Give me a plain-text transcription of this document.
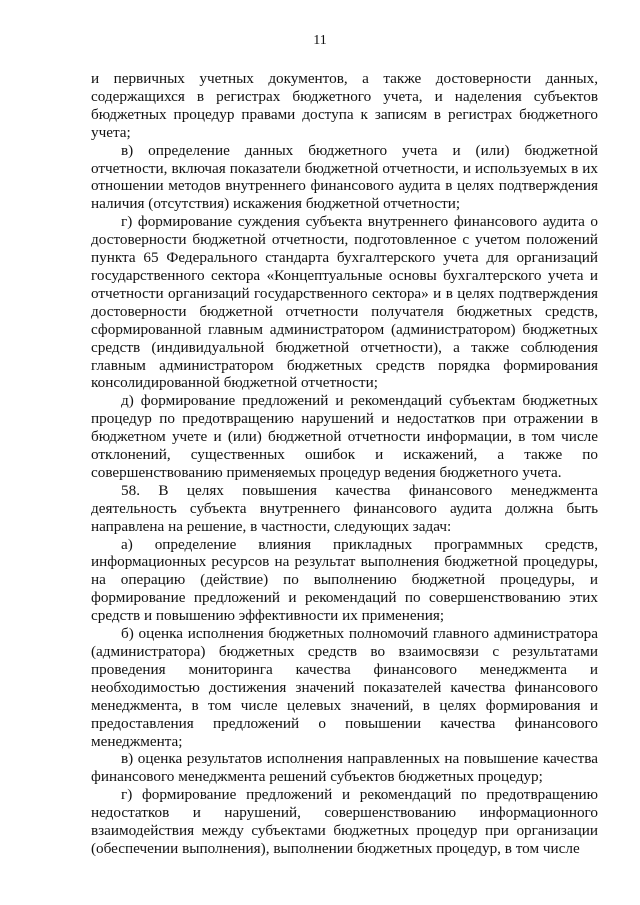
11

и первичных учетных документов, а также достоверности данных, содержащихся в регистрах бюджетного учета, и наделения субъектов бюджетных процедур правами доступа к записям в регистрах бюджетного учета;

в) определение данных бюджетного учета и (или) бюджетной отчетности, включая показатели бюджетной отчетности, и используемых в их отношении методов внутреннего финансового аудита в целях подтверждения наличия (отсутствия) искажения бюджетной отчетности;

г) формирование суждения субъекта внутреннего финансового аудита о достоверности бюджетной отчетности, подготовленное с учетом положений пункта 65 Федерального стандарта бухгалтерского учета для организаций государственного сектора «Концептуальные основы бухгалтерского учета и отчетности организаций государственного сектора» и в целях подтверждения достоверности бюджетной отчетности получателя бюджетных средств, сформированной главным администратором (администратором) бюджетных средств (индивидуальной бюджетной отчетности), а также соблюдения главным администратором бюджетных средств порядка формирования консолидированной бюджетной отчетности;

д) формирование предложений и рекомендаций субъектам бюджетных процедур по предотвращению нарушений и недостатков при отражении в бюджетном учете и (или) бюджетной отчетности информации, в том числе отклонений, существенных ошибок и искажений, а также по совершенствованию применяемых процедур ведения бюджетного учета.

58. В целях повышения качества финансового менеджмента деятельность субъекта внутреннего финансового аудита должна быть направлена на решение, в частности, следующих задач:

а) определение влияния прикладных программных средств, информационных ресурсов на результат выполнения бюджетной процедуры, на операцию (действие) по выполнению бюджетной процедуры, и формирование предложений и рекомендаций по совершенствованию этих средств и повышению эффективности их применения;

б) оценка исполнения бюджетных полномочий главного администратора (администратора) бюджетных средств во взаимосвязи с результатами проведения мониторинга качества финансового менеджмента и необходимостью достижения значений показателей качества финансового менеджмента, в том числе целевых значений, в целях формирования и предоставления предложений о повышении качества финансового менеджмента;

в) оценка результатов исполнения направленных на повышение качества финансового менеджмента решений субъектов бюджетных процедур;

г) формирование предложений и рекомендаций по предотвращению недостатков и нарушений, совершенствованию информационного взаимодействия между субъектами бюджетных процедур при организации (обеспечении выполнения), выполнении бюджетных процедур, в том числе
